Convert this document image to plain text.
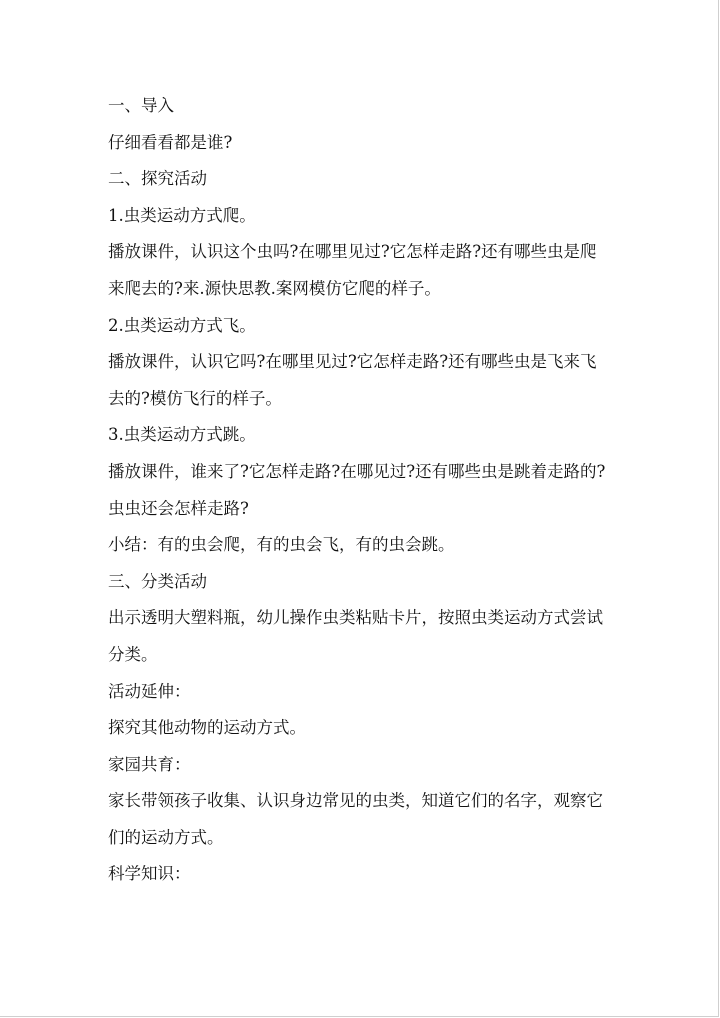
一、导入
仔细看看都是谁?
二、探究活动
1.虫类运动方式爬。
播放课件，认识这个虫吗?在哪里见过?它怎样走路?还有哪些虫是爬
来爬去的?来.源快思教.案网模仿它爬的样子。
2.虫类运动方式飞。
播放课件，认识它吗?在哪里见过?它怎样走路?还有哪些虫是飞来飞
去的?模仿飞行的样子。
3.虫类运动方式跳。
播放课件，谁来了?它怎样走路?在哪见过?还有哪些虫是跳着走路的?
虫虫还会怎样走路?
小结：有的虫会爬，有的虫会飞，有的虫会跳。
三、分类活动
出示透明大塑料瓶，幼儿操作虫类粘贴卡片，按照虫类运动方式尝试
分类。
活动延伸：
探究其他动物的运动方式。
家园共育：
家长带领孩子收集、认识身边常见的虫类，知道它们的名字，观察它
们的运动方式。
科学知识：
